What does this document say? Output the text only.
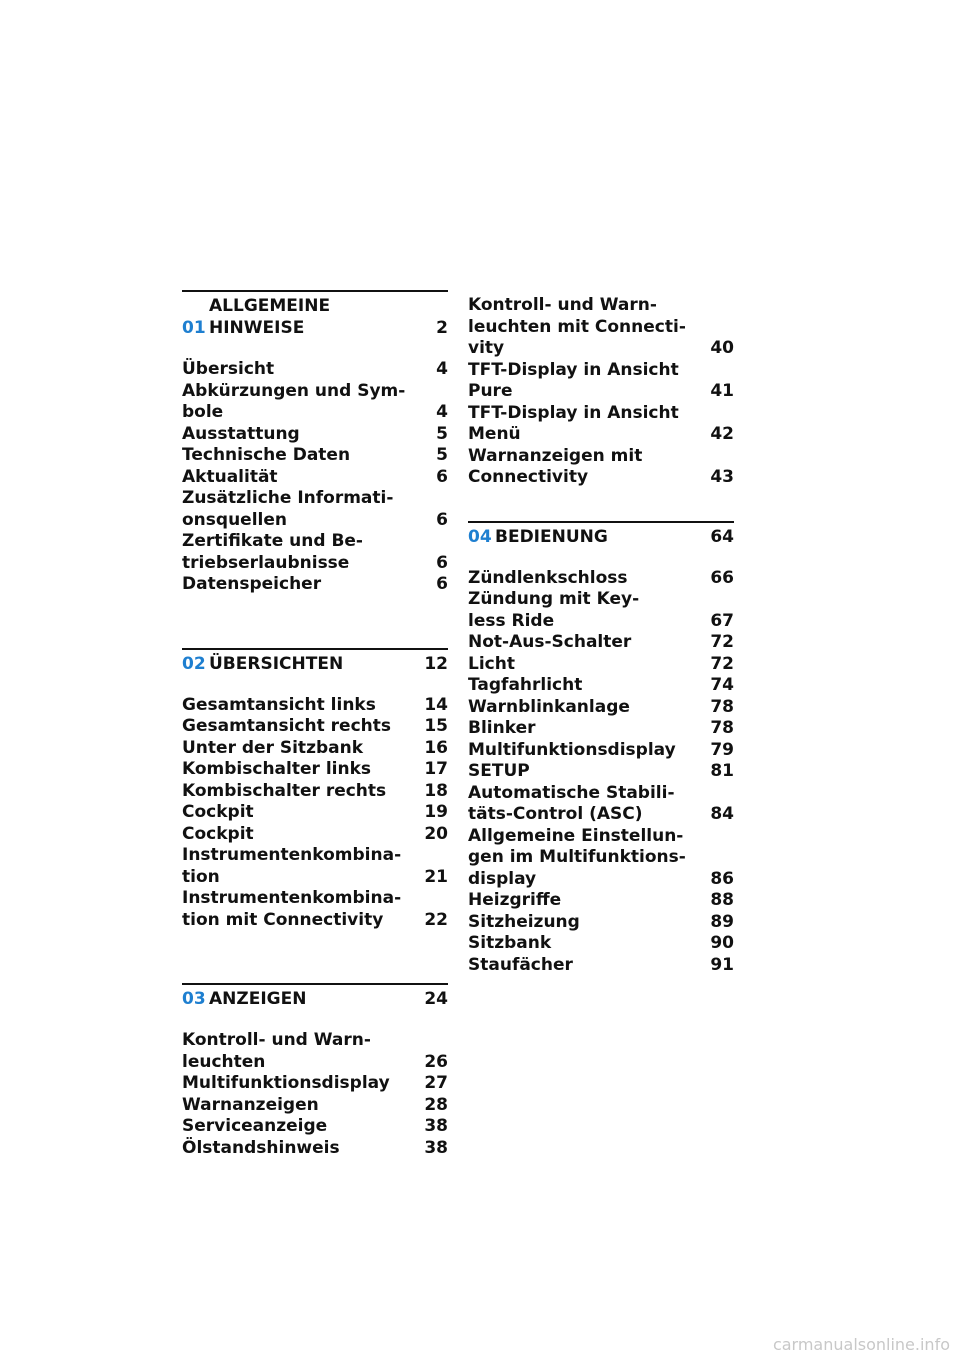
01
ALLGEMEINE
HINWEISE	2
Übersicht	4
Abkürzungen und Sym-
bole	4
Ausstattung	5
Technische Daten	5
Aktualität	6
Zusätzliche Informati-
onsquellen	6
Zertifikate und Be-
triebserlaubnisse	6
Datenspeicher	6
02 ÜBERSICHTEN	12
Gesamtansicht links	14
Gesamtansicht rechts	15
Unter der Sitzbank	16
Kombischalter links	17
Kombischalter rechts	18
Cockpit	19
Cockpit	20
Instrumentenkombina-
tion	21
Instrumentenkombina-
tion mit Connectivity	22
03 ANZEIGEN	24
Kontroll- und Warn-
leuchten	26
Multifunktionsdisplay	27
Warnanzeigen	28
Serviceanzeige	38
Ölstandshinweis	38
Kontroll- und Warn-
leuchten mit Connecti-
vity	40
TFT-Display in Ansicht
Pure	41
TFT-Display in Ansicht
Menü	42
Warnanzeigen mit
Connectivity	43
04 BEDIENUNG	64
Zündlenkschloss	66
Zündung mit Key-
less Ride	67
Not-Aus-Schalter	72
Licht	72
Tagfahrlicht	74
Warnblinkanlage	78
Blinker	78
Multifunktionsdisplay	79
SETUP	81
Automatische Stabili-
täts-Control (ASC)	84
Allgemeine Einstellun-
gen im Multifunktions-
display	86
Heizgriffe	88
Sitzheizung	89
Sitzbank	90
Staufächer	91
carmanualsonline.info
